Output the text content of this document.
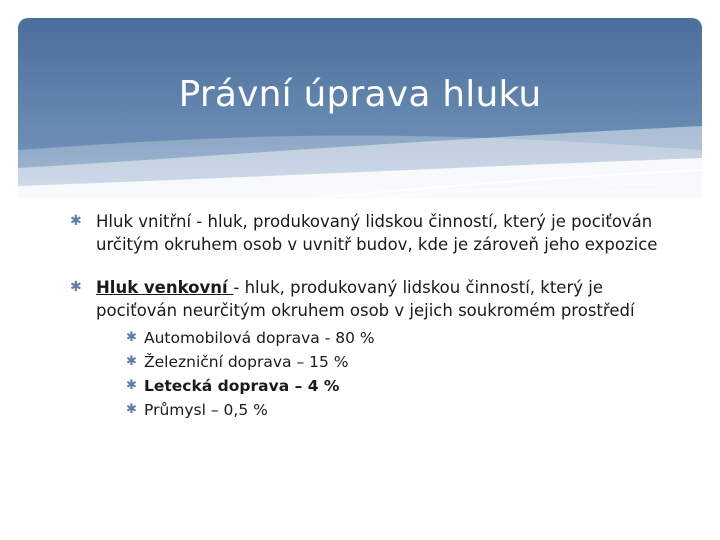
Právní úprava hluku
✱ Hluk vnitřní - hluk, produkovaný lidskou činností, který je pociťován určitým okruhem osob v uvnitř budov, kde je zároveň jeho expozice
✱ Hluk venkovní - hluk, produkovaný lidskou činností, který je pociťován neurčitým okruhem osob v jejich soukromém prostředí
✱ Automobilová doprava - 80 %
✱ Železniční doprava – 15 %
✱ Letecká doprava – 4 %
✱ Průmysl – 0,5 %
